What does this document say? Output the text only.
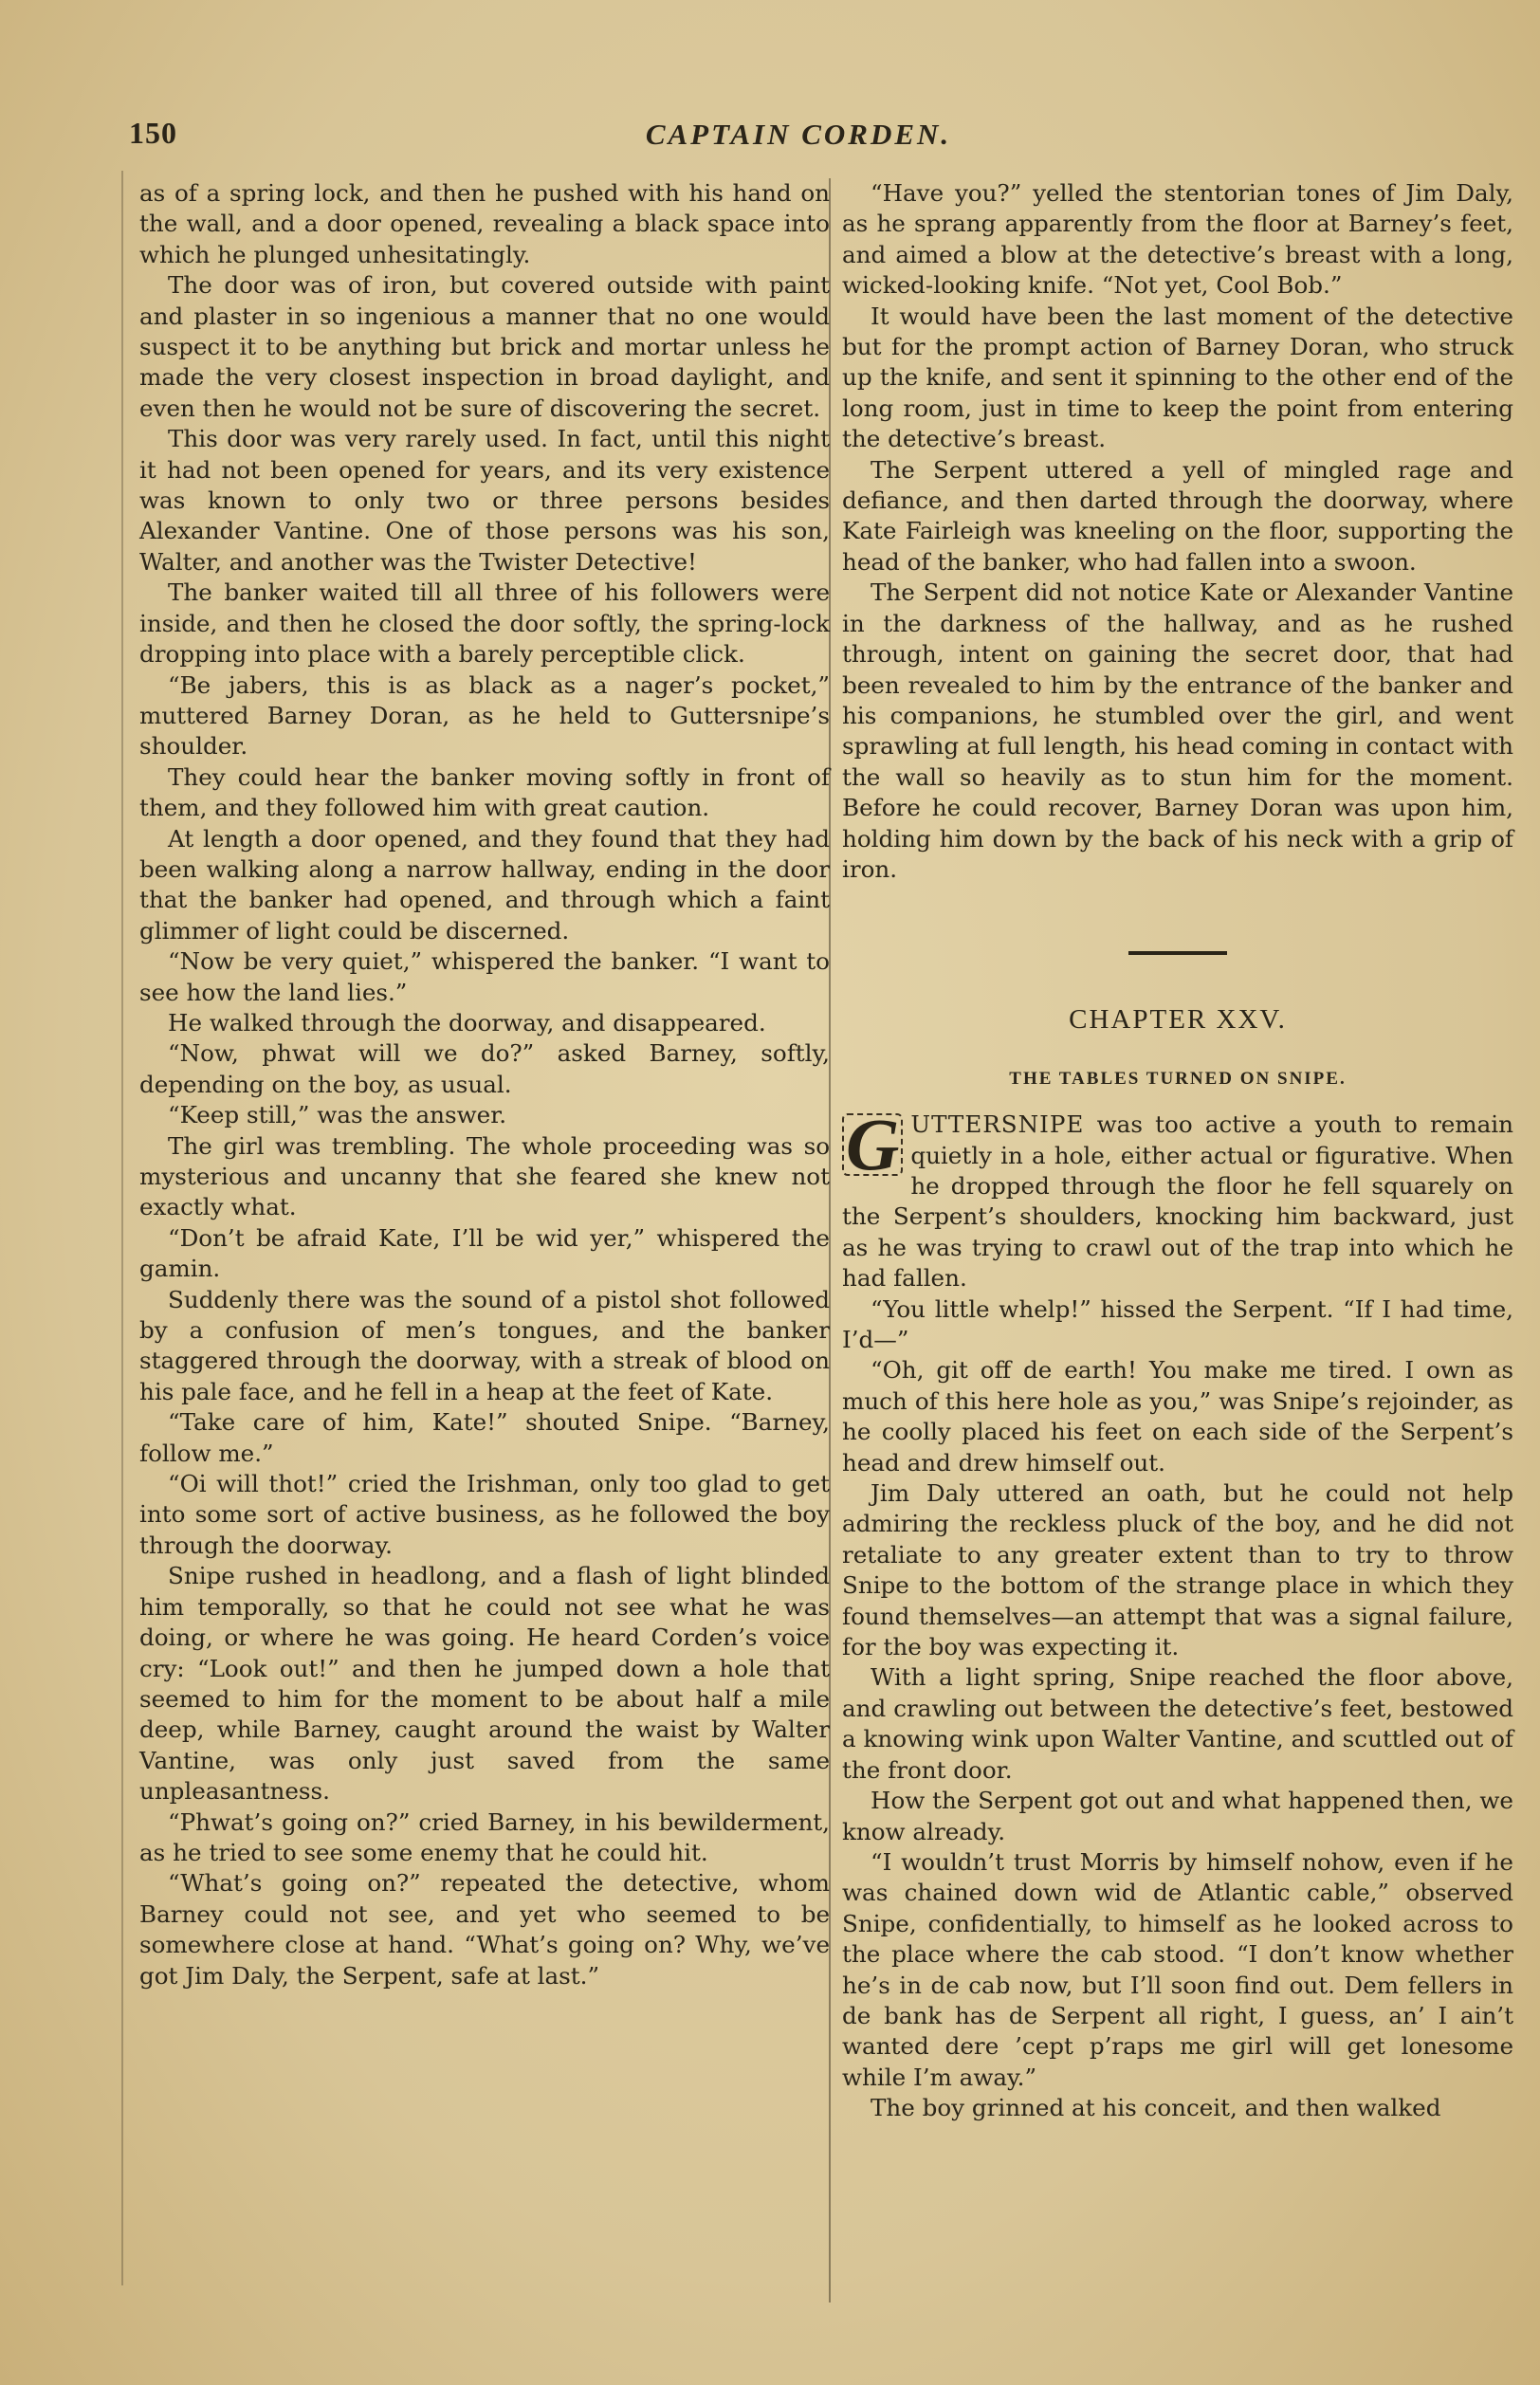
150	CAPTAIN CORDEN.

as of a spring lock, and then he pushed with his hand on the wall, and a door opened, revealing a black space into which he plunged unhesitatingly.

The door was of iron, but covered outside with paint and plaster in so ingenious a manner that no one would suspect it to be anything but brick and mortar unless he made the very closest inspection in broad daylight, and even then he would not be sure of discovering the secret.

This door was very rarely used. In fact, until this night it had not been opened for years, and its very existence was known to only two or three persons besides Alexander Vantine. One of those persons was his son, Walter, and another was the Twister Detective!

The banker waited till all three of his followers were inside, and then he closed the door softly, the spring-lock dropping into place with a barely perceptible click.

“Be jabers, this is as black as a nager’s pocket,” muttered Barney Doran, as he held to Guttersnipe’s shoulder.

They could hear the banker moving softly in front of them, and they followed him with great caution.

At length a door opened, and they found that they had been walking along a narrow hallway, ending in the door that the banker had opened, and through which a faint glimmer of light could be discerned.

“Now be very quiet,” whispered the banker. “I want to see how the land lies.”

He walked through the doorway, and disappeared.

“Now, phwat will we do?” asked Barney, softly, depending on the boy, as usual.

“Keep still,” was the answer.

The girl was trembling. The whole proceeding was so mysterious and uncanny that she feared she knew not exactly what.

“Don’t be afraid Kate, I’ll be wid yer,” whispered the gamin.

Suddenly there was the sound of a pistol shot followed by a confusion of men’s tongues, and the banker staggered through the doorway, with a streak of blood on his pale face, and he fell in a heap at the feet of Kate.

“Take care of him, Kate!” shouted Snipe. “Barney, follow me.”

“Oi will thot!” cried the Irishman, only too glad to get into some sort of active business, as he followed the boy through the doorway.

Snipe rushed in headlong, and a flash of light blinded him temporally, so that he could not see what he was doing, or where he was going. He heard Corden’s voice cry: “Look out!” and then he jumped down a hole that seemed to him for the moment to be about half a mile deep, while Barney, caught around the waist by Walter Vantine, was only just saved from the same unpleasantness.

“Phwat’s going on?” cried Barney, in his bewilderment, as he tried to see some enemy that he could hit.

“What’s going on?” repeated the detective, whom Barney could not see, and yet who seemed to be somewhere close at hand. “What’s going on? Why, we’ve got Jim Daly, the Serpent, safe at last.”

“Have you?” yelled the stentorian tones of Jim Daly, as he sprang apparently from the floor at Barney’s feet, and aimed a blow at the detective’s breast with a long, wicked-looking knife. “Not yet, Cool Bob.”

It would have been the last moment of the detective but for the prompt action of Barney Doran, who struck up the knife, and sent it spinning to the other end of the long room, just in time to keep the point from entering the detective’s breast.

The Serpent uttered a yell of mingled rage and defiance, and then darted through the doorway, where Kate Fairleigh was kneeling on the floor, supporting the head of the banker, who had fallen into a swoon.

The Serpent did not notice Kate or Alexander Vantine in the darkness of the hallway, and as he rushed through, intent on gaining the secret door, that had been revealed to him by the entrance of the banker and his companions, he stumbled over the girl, and went sprawling at full length, his head coming in contact with the wall so heavily as to stun him for the moment. Before he could recover, Barney Doran was upon him, holding him down by the back of his neck with a grip of iron.

CHAPTER XXV.
THE TABLES TURNED ON SNIPE.

G UTTERSNIPE was too active a youth to remain quietly in a hole, either actual or figurative. When he dropped through the floor he fell squarely on the Serpent’s shoulders, knocking him backward, just as he was trying to crawl out of the trap into which he had fallen.

“You little whelp!” hissed the Serpent. “If I had time, I’d—”

“Oh, git off de earth! You make me tired. I own as much of this here hole as you,” was Snipe’s rejoinder, as he coolly placed his feet on each side of the Serpent’s head and drew himself out.

Jim Daly uttered an oath, but he could not help admiring the reckless pluck of the boy, and he did not retaliate to any greater extent than to try to throw Snipe to the bottom of the strange place in which they found themselves—an attempt that was a signal failure, for the boy was expecting it.

With a light spring, Snipe reached the floor above, and crawling out between the detective’s feet, bestowed a knowing wink upon Walter Vantine, and scuttled out of the front door.

How the Serpent got out and what happened then, we know already.

“I wouldn’t trust Morris by himself nohow, even if he was chained down wid de Atlantic cable,” observed Snipe, confidentially, to himself as he looked across to the place where the cab stood. “I don’t know whether he’s in de cab now, but I’ll soon find out. Dem fellers in de bank has de Serpent all right, I guess, an’ I ain’t wanted dere ’cept p’raps me girl will get lonesome while I’m away.”

The boy grinned at his conceit, and then walked
